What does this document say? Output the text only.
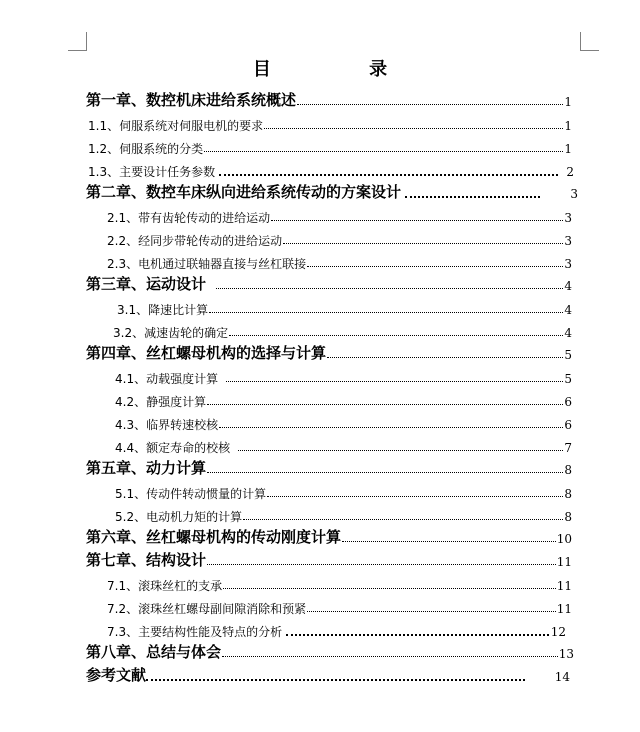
目 录
第一章、数控机床进给系统概述	1
1.1、伺服系统对伺服电机的要求	1
1.2、伺服系统的分类	1
1.3、主要设计任务参数	2
第二章、数控车床纵向进给系统传动的方案设计	3
2.1、带有齿轮传动的进给运动	3
2.2、经同步带轮传动的进给运动	3
2.3、电机通过联轴器直接与丝杠联接	3
第三章、运动设计	4
3.1、降速比计算	4
3.2、减速齿轮的确定	4
第四章、丝杠螺母机构的选择与计算	5
4.1、动载强度计算	5
4.2、静强度计算	6
4.3、临界转速校核	6
4.4、额定寿命的校核	7
第五章、动力计算	8
5.1、传动件转动惯量的计算	8
5.2、电动机力矩的计算	8
第六章、丝杠螺母机构的传动刚度计算	10
第七章、结构设计	11
7.1、滚珠丝杠的支承	11
7.2、滚珠丝杠螺母副间隙消除和预紧	11
7.3、主要结构性能及特点的分析	12
第八章、总结与体会	13
参考文献	14
